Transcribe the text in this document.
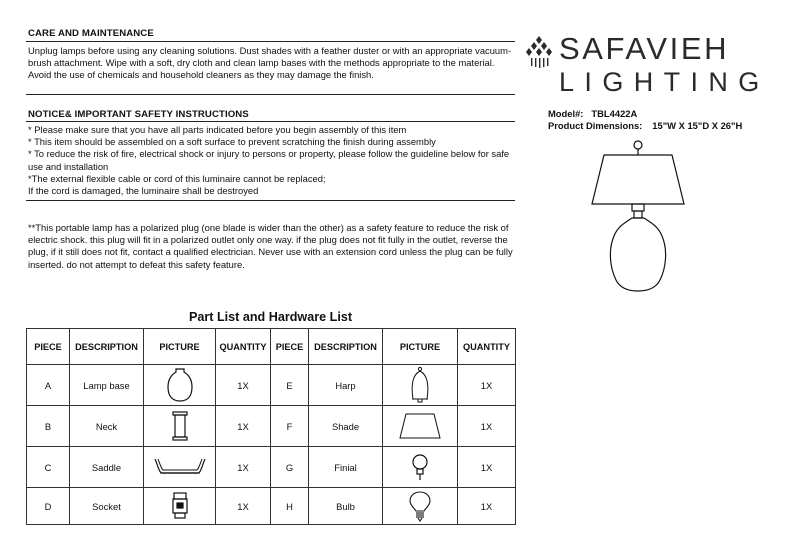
CARE AND MAINTENANCE
Unplug lamps before using any cleaning solutions. Dust shades with a feather duster or with an appropriate vacuum-brush attachment. Wipe with a soft, dry cloth and clean lamp bases with the methods appropriate to the material. Avoid the use of chemicals and household cleaners as they may damage the finish.
NOTICE& IMPORTANT SAFETY INSTRUCTIONS

* Please make sure that you have all parts indicated before you begin assembly of this item

* This item should be assembled on a soft surface to prevent scratching the finish during assembly

* To reduce the risk of fire, electrical shock or injury to persons or property, please follow the guideline below for safe use and installation

*The external flexible cable or cord of this luminaire cannot be replaced;

If the cord is damaged, the luminaire shall be destroyed

**This portable lamp has a polarized plug (one blade is wider than the other) as a safety feature to reduce the risk of electric shock. this plug will fit in a polarized outlet only one way. if the plug does not fit fully in the outlet, reverse the plug, if it still does not fit, contact a qualified electrician. Never use with an extension cord unless the plug can be fully inserted. do not attempt to defeat this safety feature.
SAFAVIEH
LIGHTING
Model#: TBL4422A
Product Dimensions: 15"W X 15"D X 26"H
Part List and Hardware List
PIECE	DESCRIPTION	PICTURE	QUANTITY	PIECE	DESCRIPTION	PICTURE	QUANTITY
A	Lamp base		1X	E	Harp		1X
B	Neck		1X	F	Shade		1X
C	Saddle		1X	G	Finial		1X
D	Socket		1X	H	Bulb		1X
